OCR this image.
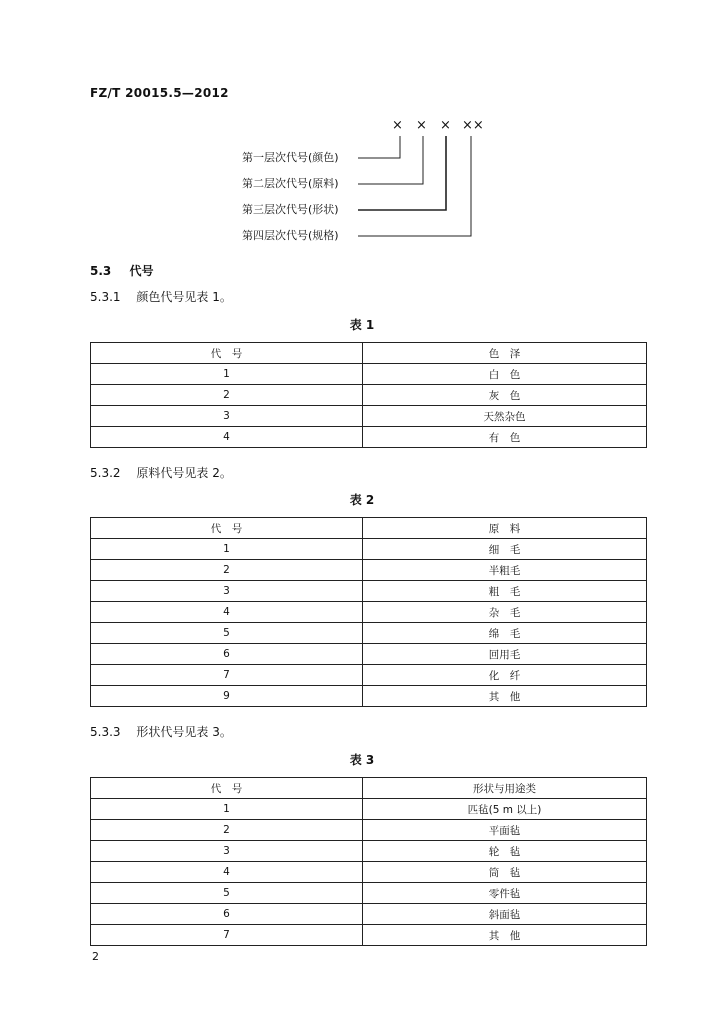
FZ/T 20015.5—2012
× × × ××
第一层次代号(颜色)
第二层次代号(原料)
第三层次代号(形状)
第四层次代号(规格)
5.3 代号
5.3.1 颜色代号见表 1。
表 1
代　号	色　泽
1	白　色
2	灰　色
3	天然杂色
4	有　色
5.3.2 原料代号见表 2。
表 2
代　号	原　料
1	细　毛
2	半粗毛
3	粗　毛
4	杂　毛
5	绵　毛
6	回用毛
7	化　纤
9	其　他
5.3.3 形状代号见表 3。
表 3
代　号	形状与用途类
1	匹毡(5 m 以上)
2	平面毡
3	轮　毡
4	筒　毡
5	零件毡
6	斜面毡
7	其　他
2
